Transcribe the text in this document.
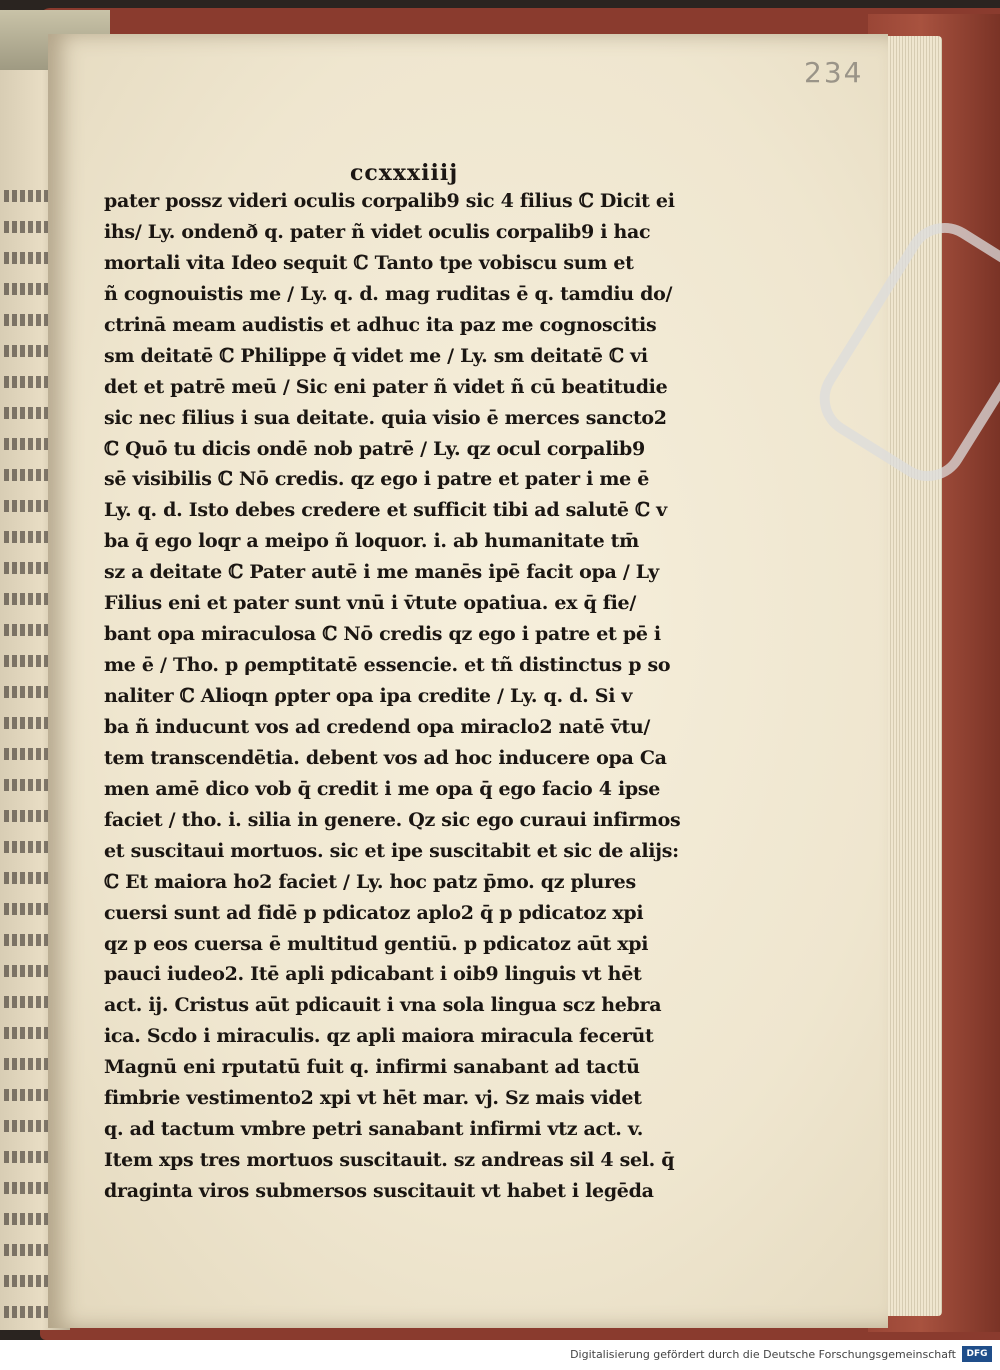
234
ccxxxiiij
pater possz videri oculis corpalib9 sic 4 filius ℂ Dicit ei
ihs/ Ly. ondenð q. pater ñ videt oculis corpalib9 i hac
mortali vita Ideo sequit ℂ Tanto tpe vobiscu sum et
ñ cognouistis me / Ly. q. d. mag ruditas ē q. tamdiu do/
ctrinā meam audistis et adhuc ita paz me cognoscitis
sm deitatē ℂ Philippe q̄ videt me / Ly. sm deitatē ℂ vi
det et patrē meū / Sic eni pater ñ videt ñ cū beatitudie
sic nec filius i sua deitate. quia visio ē merces sancto2
ℂ Quō tu dicis ondē nob patrē / Ly. qz ocul corpalib9
sē visibilis ℂ Nō credis. qz ego i patre et pater i me ē
Ly. q. d. Isto debes credere et sufficit tibi ad salutē ℂ v
ba q̄ ego loqr a meipo ñ loquor. i. ab humanitate tm̄
sz a deitate ℂ Pater autē i me manēs ipē facit opa / Ly
Filius eni et pater sunt vnū i v̄tute opatiua. ex q̄ fie/
bant opa miraculosa ℂ Nō credis qz ego i patre et pē i
me ē / Tho. p ρemptitatē essencie. et tñ distinctus p so
naliter ℂ Alioqn ρpter opa ipa credite / Ly. q. d. Si v
ba ñ inducunt vos ad credend opa miraclo2 natē v̄tu/
tem transcendētia. debent vos ad hoc inducere opa Ca
men amē dico vob q̄ credit i me opa q̄ ego facio 4 ipse
faciet / tho. i. silia in genere. Qz sic ego curaui infirmos
et suscitaui mortuos. sic et ipe suscitabit et sic de alijs:
ℂ Et maiora ho2 faciet / Ly. hoc patz p̄mo. qz plures
cuersi sunt ad fidē p pdicatoz aplo2 q̄ p pdicatoz xpi
qz p eos cuersa ē multitud gentiū. p pdicatoz aūt xpi
pauci iudeo2. Itē apli pdicabant i oib9 linguis vt hēt
act. ij. Cristus aūt pdicauit i vna sola lingua scz hebra
ica. Scdo i miraculis. qz apli maiora miracula fecerūt
Magnū eni rputatū fuit q. infirmi sanabant ad tactū
fimbrie vestimento2 xpi vt hēt mar. vj. Sz mais videt
q. ad tactum vmbre petri sanabant infirmi vtz act. v.
Item xps tres mortuos suscitauit. sz andreas sil 4 sel. q̄
draginta viros submersos suscitauit vt habet i legēda
Digitalisierung gefördert durch die Deutsche Forschungsgemeinschaft	DFG
